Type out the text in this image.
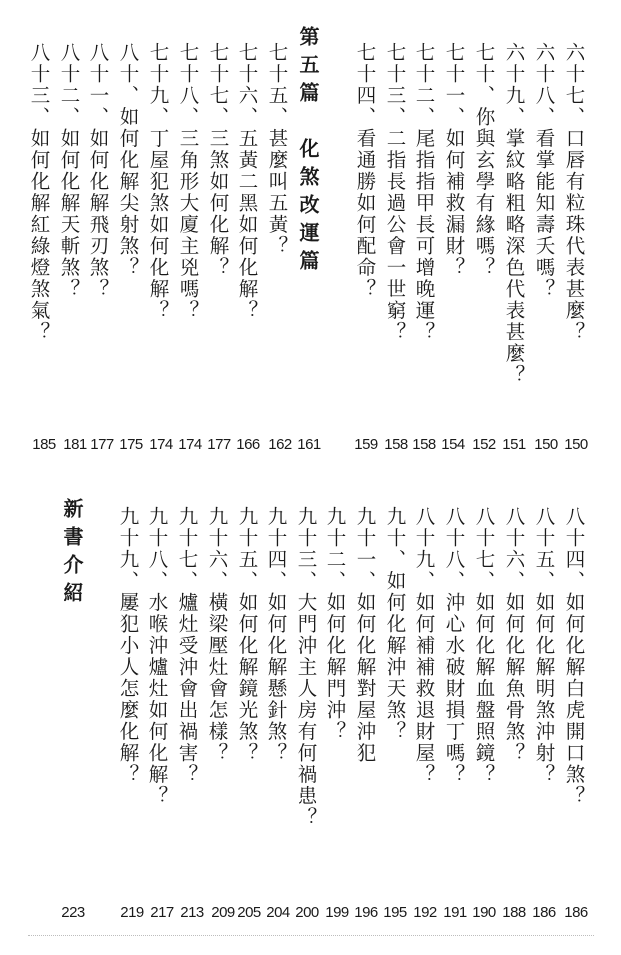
六十七、口唇有粒珠代表甚麼？
150
六十八、看掌能知壽夭嗎？
150
六十九、掌紋略粗略深色代表甚麼？
151
七十、你與玄學有緣嗎？
152
七十一、如何補救漏財？
154
七十二、尾指指甲長可增晚運？
158
七十三、二指長過公會一世窮？
158
七十四、看通勝如何配命？
159
第五篇　化煞改運篇
七十五、甚麼叫五黃？
161
七十六、五黃二黑如何化解？
162
七十七、三煞如何化解？
166
七十八、三角形大廈主兇嗎？
177
七十九、丁屋犯煞如何化解？
174
八十、如何化解尖射煞？
174
八十一、如何化解飛刃煞？
175
八十二、如何化解天斬煞？
177
八十三、如何化解紅綠燈煞氣？
181
185
八十四、如何化解白虎開口煞？
186
八十五、如何化解明煞沖射？
186
八十六、如何化解魚骨煞？
188
八十七、如何化解血盤照鏡？
190
八十八、沖心水破財損丁嗎？
191
八十九、如何補補救退財屋？
192
九十、如何化解沖天煞？
195
九十一、如何化解對屋沖犯
196
九十二、如何化解門沖？
199
九十三、大門沖主人房有何禍患？
200
九十四、如何化解懸針煞？
204
九十五、如何化解鏡光煞？
205
九十六、橫梁壓灶會怎樣？
209
九十七、爐灶受沖會出禍害？
213
九十八、水喉沖爐灶如何化解？
217
九十九、屢犯小人怎麼化解？
219
新書介紹
223
